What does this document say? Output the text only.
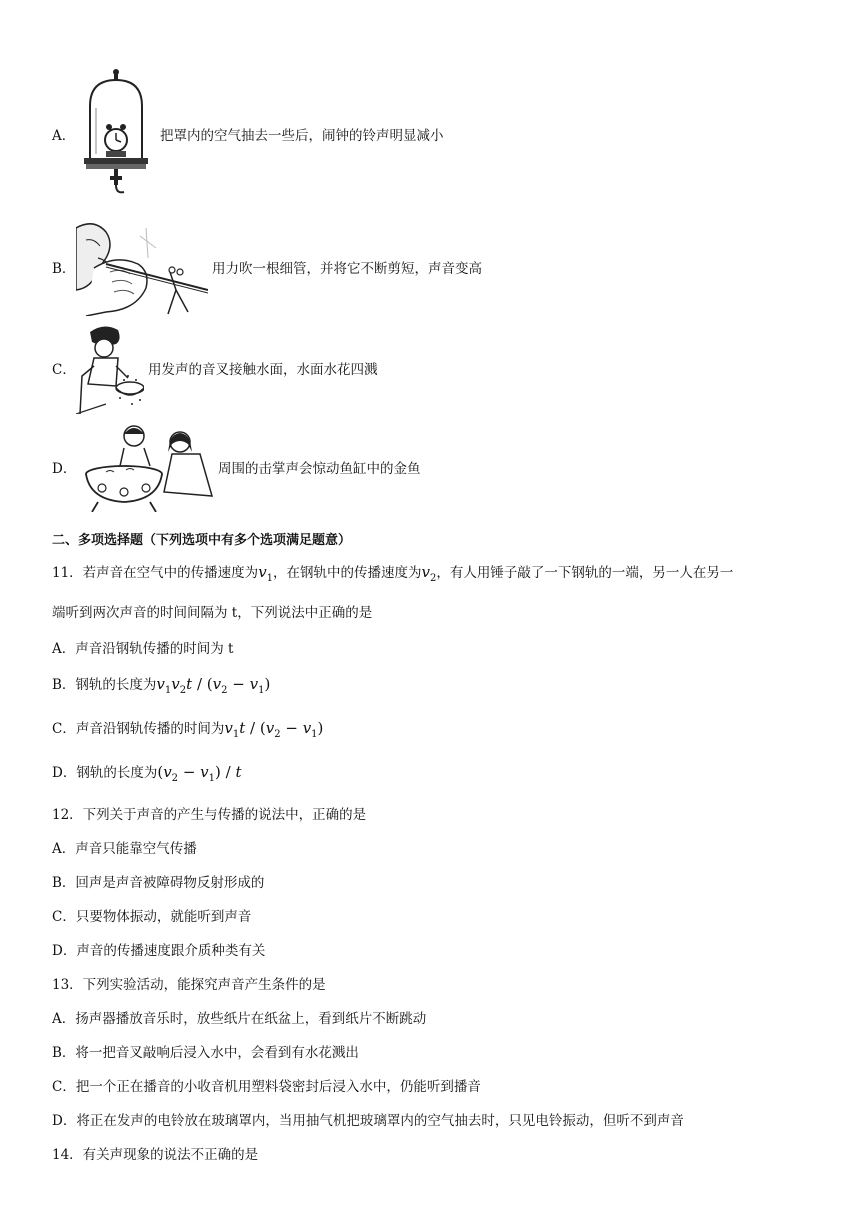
A．	把罩内的空气抽去一些后，闹钟的铃声明显减小
B．	用力吹一根细管，并将它不断剪短，声音变高
C．	用发声的音叉接触水面，水面水花四溅
D．	周围的击掌声会惊动鱼缸中的金鱼
二、多项选择题（下列选项中有多个选项满足题意）
11．若声音在空气中的传播速度为$v_1$，在钢轨中的传播速度为$v_2$，有人用锤子敲了一下钢轨的一端，另一人在另一
端听到两次声音的时间间隔为 t，下列说法中正确的是
A．声音沿钢轨传播的时间为 t
B．钢轨的长度为$v_1v_2t / (v_2 - v_1)$
C．声音沿钢轨传播的时间为$v_1t / (v_2 - v_1)$
D．钢轨的长度为$(v_2 - v_1) / t$
12．下列关于声音的产生与传播的说法中，正确的是
A．声音只能靠空气传播
B．回声是声音被障碍物反射形成的
C．只要物体振动，就能听到声音
D．声音的传播速度跟介质种类有关
13．下列实验活动，能探究声音产生条件的是
A．扬声器播放音乐时，放些纸片在纸盆上，看到纸片不断跳动
B．将一把音叉敲响后浸入水中，会看到有水花溅出
C．把一个正在播音的小收音机用塑料袋密封后浸入水中，仍能听到播音
D．将正在发声的电铃放在玻璃罩内，当用抽气机把玻璃罩内的空气抽去时，只见电铃振动，但听不到声音
14．有关声现象的说法不正确的是
